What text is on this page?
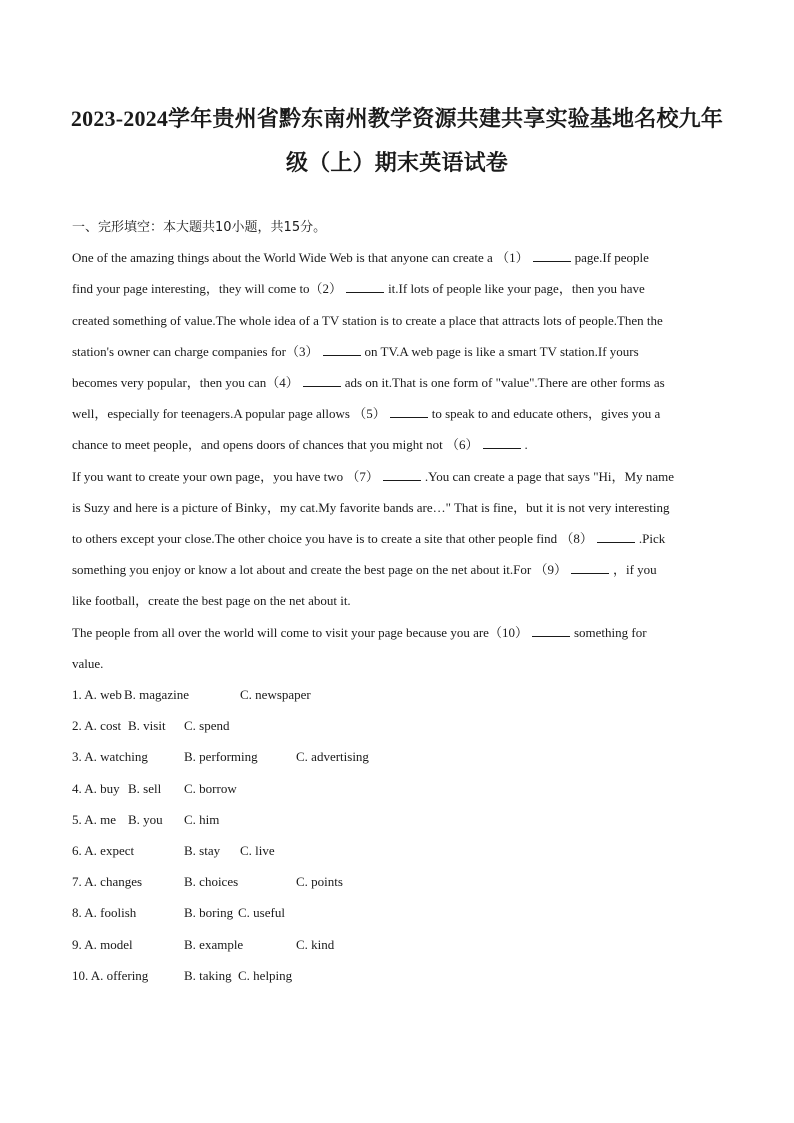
2023-2024学年贵州省黔东南州教学资源共建共享实验基地名校九年
级（上）期末英语试卷
一、完形填空：本大题共10小题，共15分。
One of the amazing things about the World Wide Web is that anyone can create a （1）	page.If people
find your page interesting，they will come to（2）	it.If lots of people like your page，then you have
created something of value.The whole idea of a TV station is to create a place that attracts lots of people.Then the
station's owner can charge companies for（3）	on TV.A web page is like a smart TV station.If yours
becomes very popular，then you can（4）	ads on it.That is one form of "value".There are other forms as
well，especially for teenagers.A popular page allows （5）	to speak to and educate others，gives you a
chance to meet people，and opens doors of chances that you might not （6）	.
If you want to create your own page，you have two （7）	.You can create a page that says "Hi，My name
is Suzy and here is a picture of Binky，my cat.My favorite bands are…" That is fine，but it is not very interesting
to others except your close.The other choice you have is to create a site that other people find （8）	.Pick
something you enjoy or know a lot about and create the best page on the net about it.For （9）	，if you
like football，create the best page on the net about it.
The people from all over the world will come to visit your page because you are（10）	something for
value.
1. A. web B. magazine	C. newspaper
2. A. cost B. visit C. spend
3. A. watching	B. performing	C. advertising
4. A. buy B. sell C. borrow
5. A. me B. you C. him
6. A. expect	B. stay C. live
7. A. changes	B. choices	C. points
8. A. foolish	B. boring C. useful
9. A. model	B. example	C. kind
10. A. offering	B. taking C. helping
